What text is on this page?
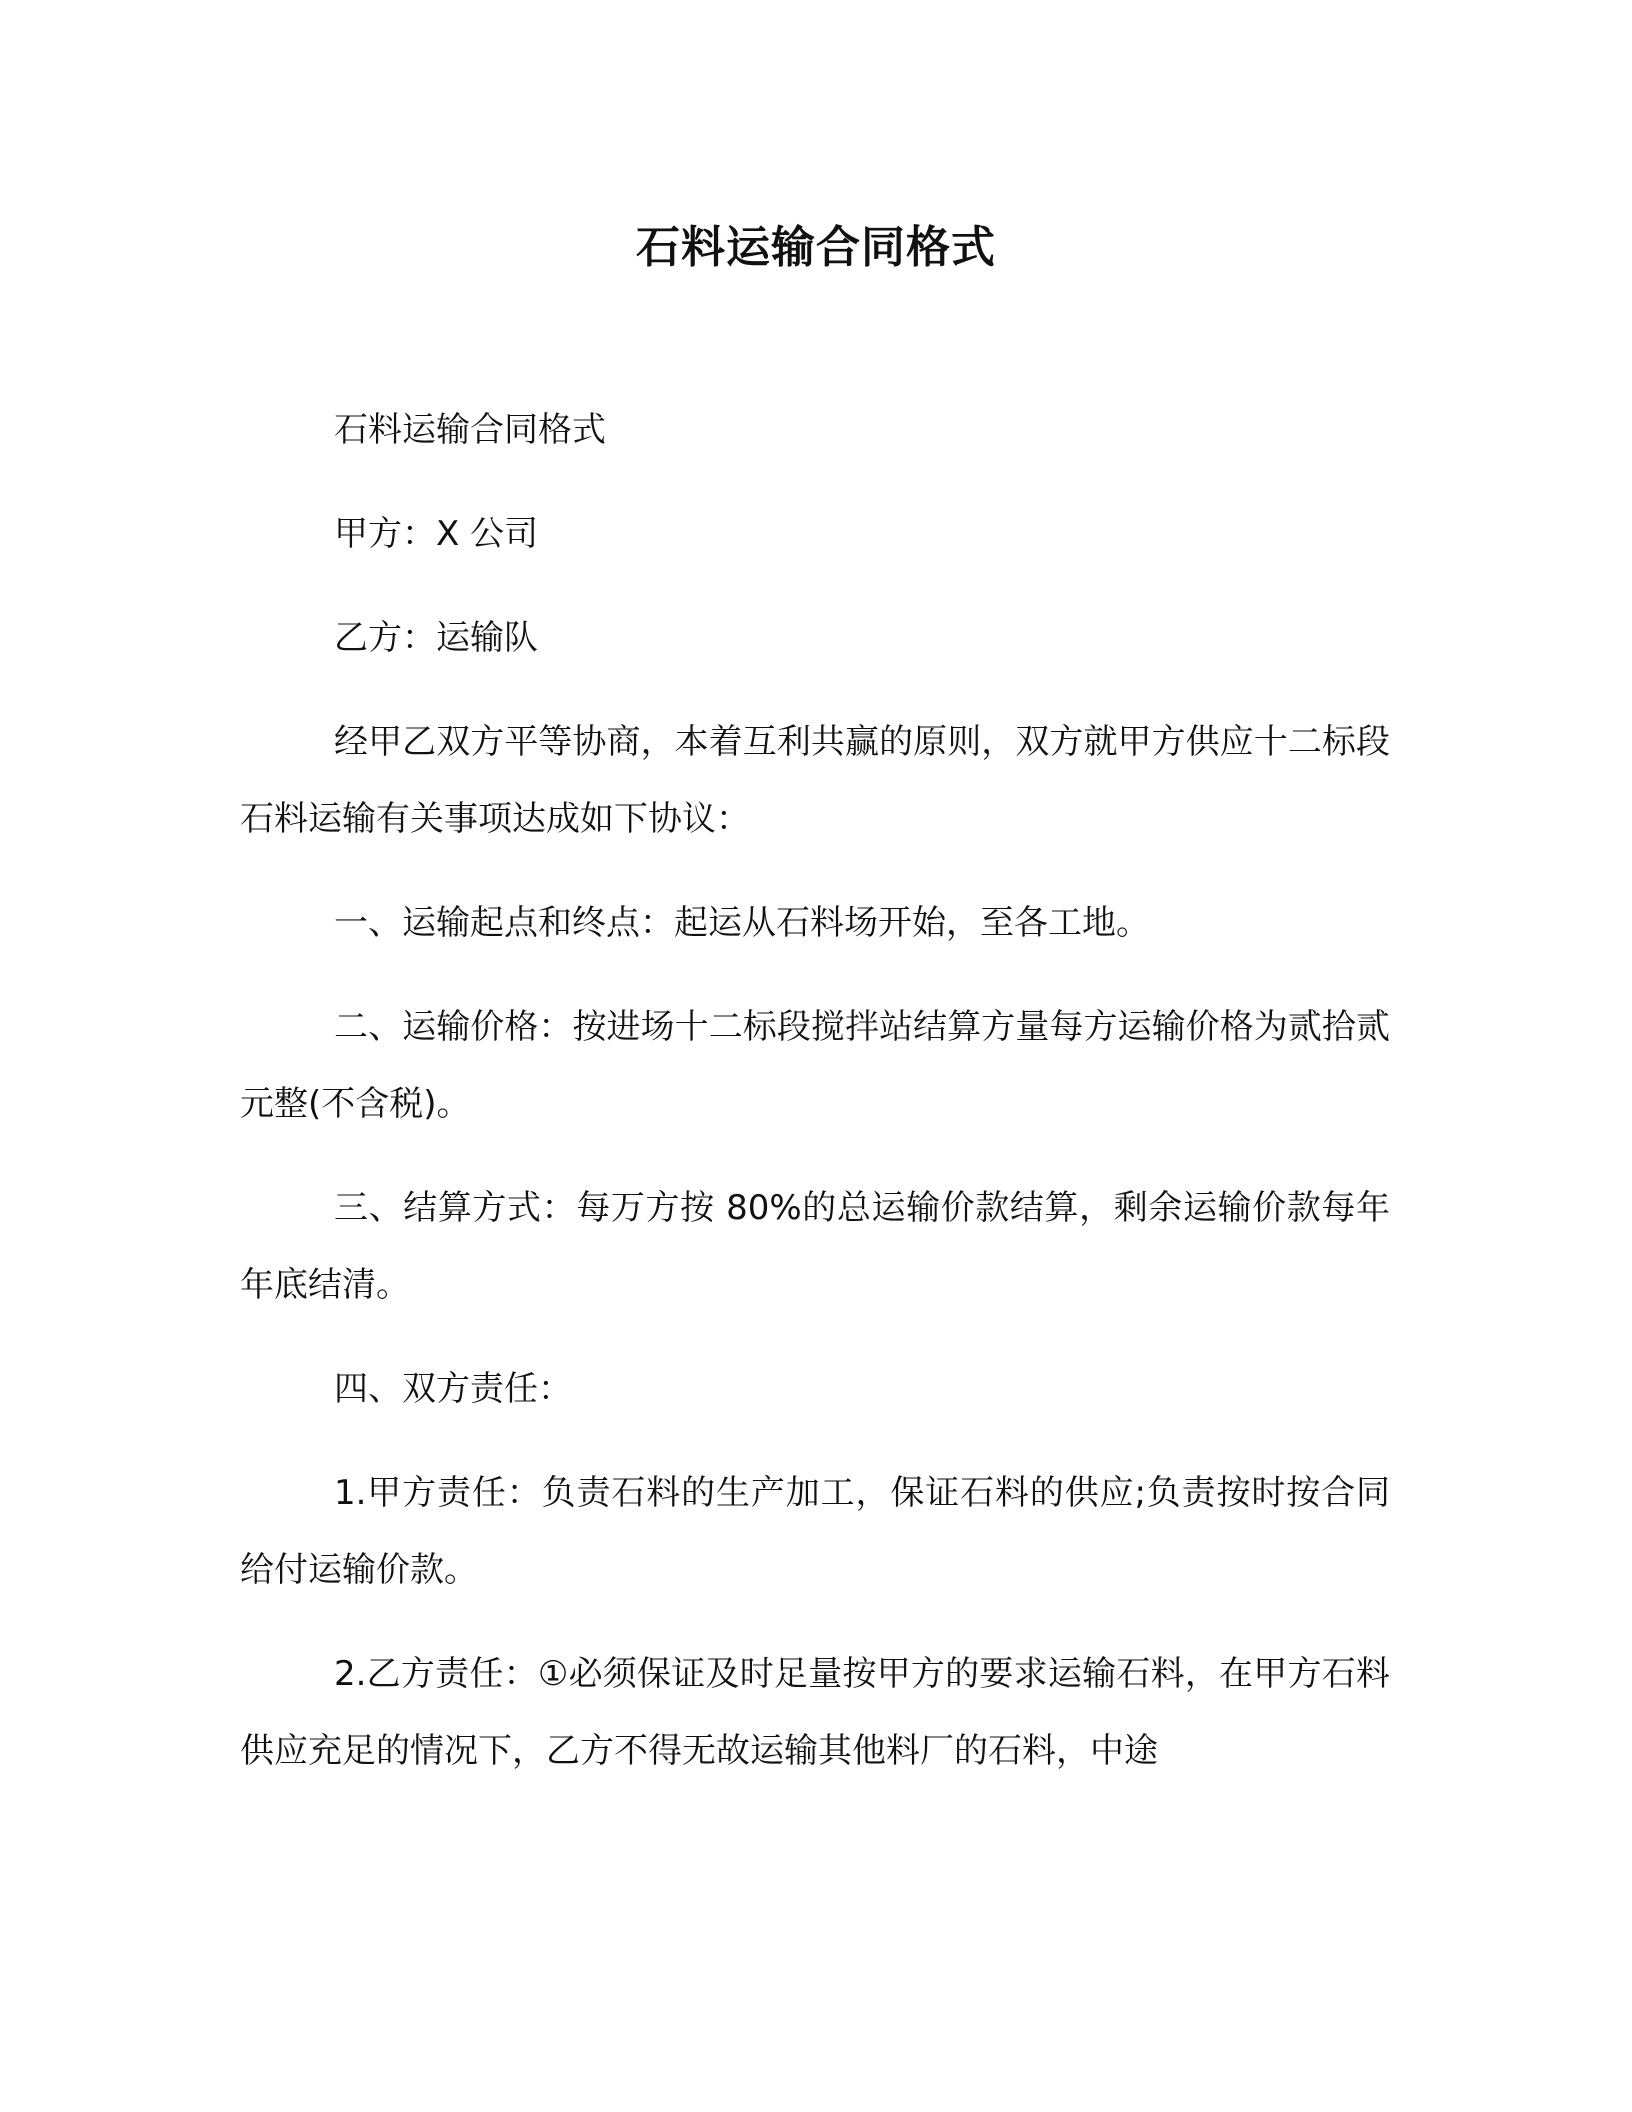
石料运输合同格式

石料运输合同格式

甲方：X 公司

乙方：运输队

经甲乙双方平等协商，本着互利共赢的原则，双方就甲方供应十二标段石料运输有关事项达成如下协议：

一、运输起点和终点：起运从石料场开始，至各工地。

二、运输价格：按进场十二标段搅拌站结算方量每方运输价格为贰拾贰元整(不含税)。

三、结算方式：每万方按 80%的总运输价款结算，剩余运输价款每年年底结清。

四、双方责任：

1.甲方责任：负责石料的生产加工，保证石料的供应;负责按时按合同给付运输价款。

2.乙方责任：①必须保证及时足量按甲方的要求运输石料，在甲方石料供应充足的情况下，乙方不得无故运输其他料厂的石料，中途
